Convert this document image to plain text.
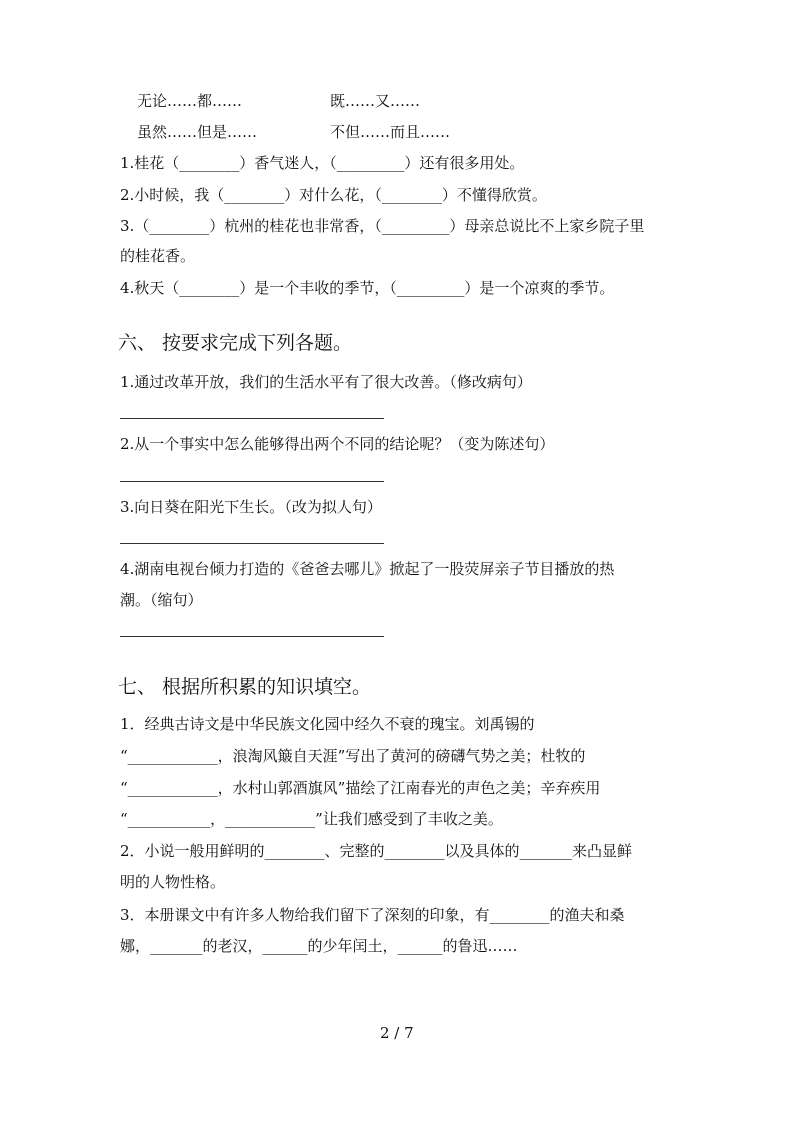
无论……都……	既……又……
虽然……但是……	不但……而且……
1.桂花（________）香气迷人，（_________）还有很多用处。
2.小时候，我（________）对什么花，（________）不懂得欣赏。
3.（________）杭州的桂花也非常香，（_________）母亲总说比不上家乡院子里
的桂花香。
4.秋天（________）是一个丰收的季节，（_________）是一个凉爽的季节。
六、 按要求完成下列各题。
1.通过改革开放，我们的生活水平有了很大改善。（修改病句）
2.从一个事实中怎么能够得出两个不同的结论呢？（变为陈述句）
3.向日葵在阳光下生长。（改为拟人句）
4.湖南电视台倾力打造的《爸爸去哪儿》掀起了一股荧屏亲子节目播放的热
潮。（缩句）
七、 根据所积累的知识填空。
1．经典古诗文是中华民族文化园中经久不衰的瑰宝。刘禹锡的
“____________，浪淘风簸自天涯”写出了黄河的磅礴气势之美；杜牧的
“____________，水村山郭酒旗风”描绘了江南春光的声色之美；辛弃疾用
“___________，____________”让我们感受到了丰收之美。
2．小说一般用鲜明的________、完整的________以及具体的_______来凸显鲜
明的人物性格。
3．本册课文中有许多人物给我们留下了深刻的印象，有________的渔夫和桑
娜，_______的老汉，______的少年闰土，______的鲁迅……
2 / 7
